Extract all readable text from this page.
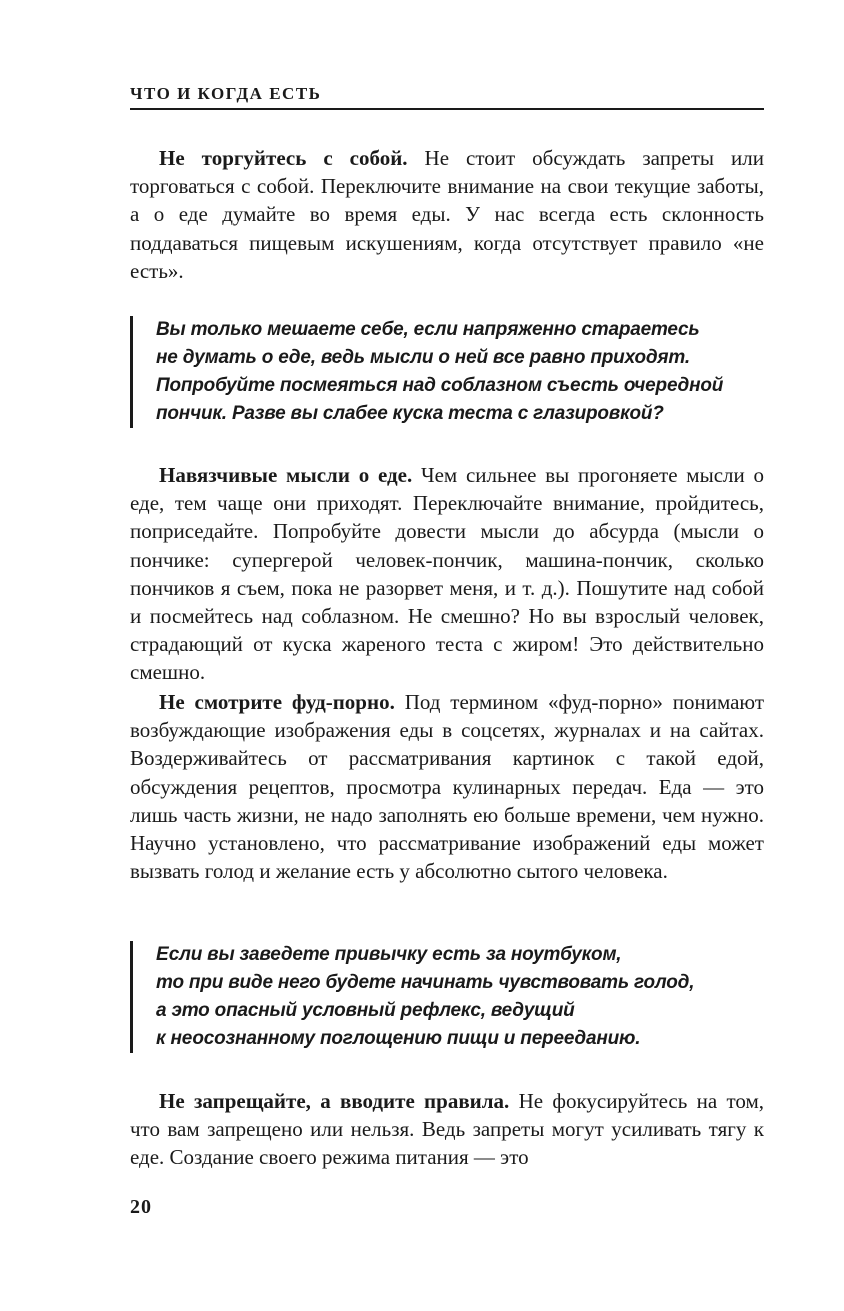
ЧТО И КОГДА ЕСТЬ

Не торгуйтесь с собой. Не стоит обсуждать запреты или торговаться с собой. Переключите внимание на свои текущие заботы, а о еде думайте во время еды. У нас всегда есть склонность поддаваться пищевым искушениям, когда отсутствует правило «не есть».

Вы только мешаете себе, если напряженно стараетесь

не думать о еде, ведь мысли о ней все равно приходят.

Попробуйте посмеяться над соблазном съесть очередной

пончик. Разве вы слабее куска теста с глазировкой?

Навязчивые мысли о еде. Чем сильнее вы прогоняете мысли о еде, тем чаще они приходят. Переключайте внимание, пройдитесь, поприседайте. Попробуйте довести мысли до абсурда (мысли о пончике: супергерой человек-пончик, машина-пончик, сколько пончиков я съем, пока не разорвет меня, и т. д.). Пошутите над собой и посмейтесь над соблазном. Не смешно? Но вы взрослый человек, страдающий от куска жареного теста с жиром! Это действительно смешно.

Не смотрите фуд-порно. Под термином «фуд-порно» понимают возбуждающие изображения еды в соцсетях, журналах и на сайтах. Воздерживайтесь от рассматривания картинок с такой едой, обсуждения рецептов, просмотра кулинарных передач. Еда — это лишь часть жизни, не надо заполнять ею больше времени, чем нужно. Научно установлено, что рассматривание изображений еды может вызвать голод и желание есть у абсолютно сытого человека.

Если вы заведете привычку есть за ноутбуком,

то при виде него будете начинать чувствовать голод,

а это опасный условный рефлекс, ведущий

к неосознанному поглощению пищи и перееданию.

Не запрещайте, а вводите правила. Не фокусируйтесь на том, что вам запрещено или нельзя. Ведь запреты могут усиливать тягу к еде. Создание своего режима питания — это

20
